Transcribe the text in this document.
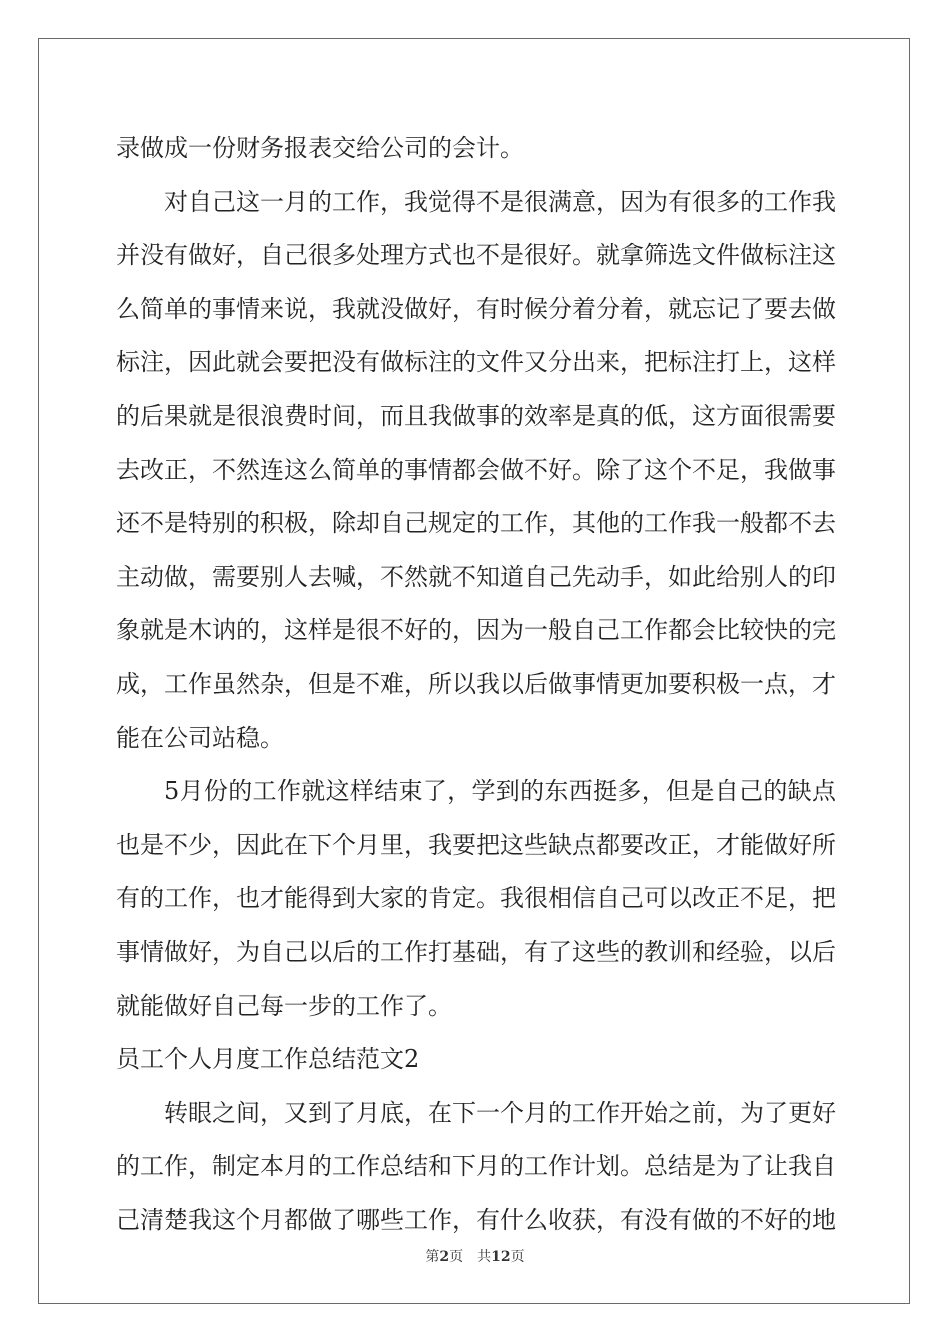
录做成一份财务报表交给公司的会计。
对自己这一月的工作，我觉得不是很满意，因为有很多的工作我
并没有做好，自己很多处理方式也不是很好。就拿筛选文件做标注这
么简单的事情来说，我就没做好，有时候分着分着，就忘记了要去做
标注，因此就会要把没有做标注的文件又分出来，把标注打上，这样
的后果就是很浪费时间，而且我做事的效率是真的低，这方面很需要
去改正，不然连这么简单的事情都会做不好。除了这个不足，我做事
还不是特别的积极，除却自己规定的工作，其他的工作我一般都不去
主动做，需要别人去喊，不然就不知道自己先动手，如此给别人的印
象就是木讷的，这样是很不好的，因为一般自己工作都会比较快的完
成，工作虽然杂，但是不难，所以我以后做事情更加要积极一点，才
能在公司站稳。
5月份的工作就这样结束了，学到的东西挺多，但是自己的缺点
也是不少，因此在下个月里，我要把这些缺点都要改正，才能做好所
有的工作，也才能得到大家的肯定。我很相信自己可以改正不足，把
事情做好，为自己以后的工作打基础，有了这些的教训和经验，以后
就能做好自己每一步的工作了。
员工个人月度工作总结范文2
转眼之间，又到了月底，在下一个月的工作开始之前，为了更好
的工作，制定本月的工作总结和下月的工作计划。总结是为了让我自
己清楚我这个月都做了哪些工作，有什么收获，有没有做的不好的地
第2页　共12页
